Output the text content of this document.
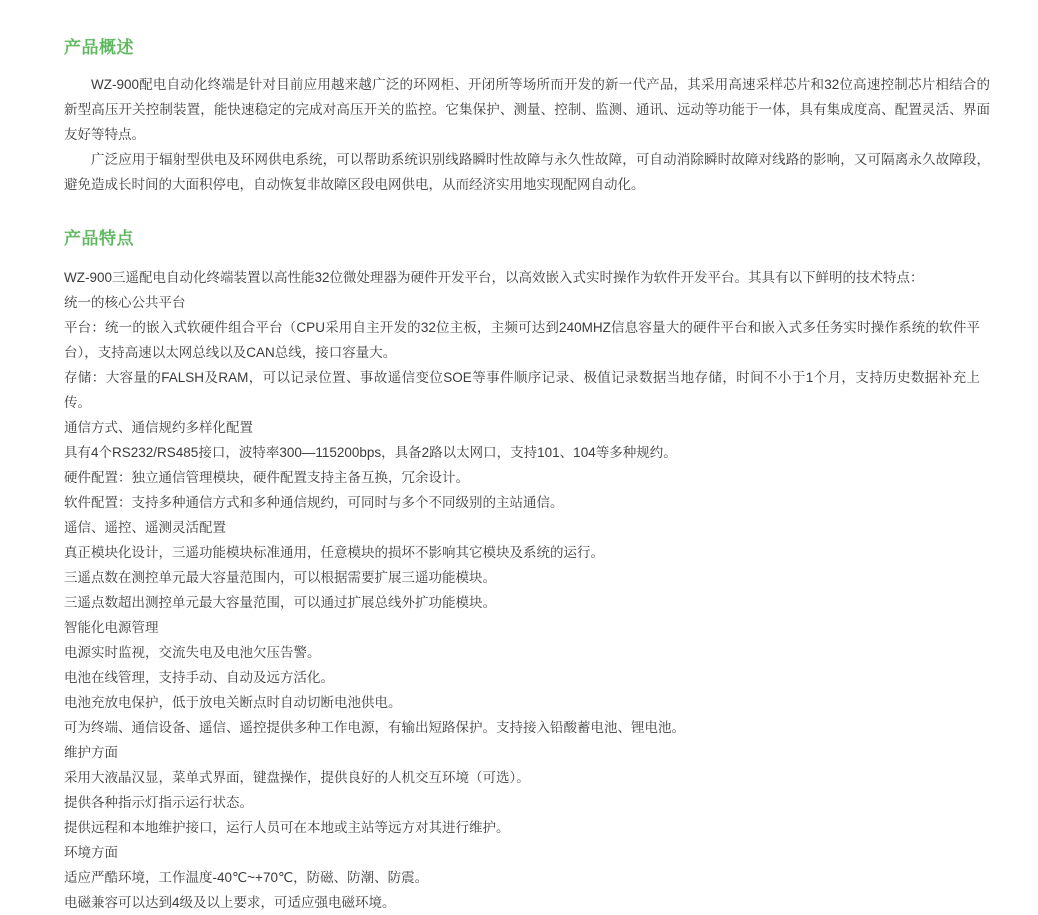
产品概述

WZ-900配电自动化终端是针对目前应用越来越广泛的环网柜、开闭所等场所而开发的新一代产品，其采用高速采样芯片和32位高速控制芯片相结合的新型高压开关控制装置，能快速稳定的完成对高压开关的监控。它集保护、测量、控制、监测、通讯、远动等功能于一体，具有集成度高、配置灵活、界面友好等特点。

广泛应用于辐射型供电及环网供电系统，可以帮助系统识别线路瞬时性故障与永久性故障，可自动消除瞬时故障对线路的影响，又可隔离永久故障段，避免造成长时间的大面积停电，自动恢复非故障区段电网供电，从而经济实用地实现配网自动化。

产品特点

WZ-900三遥配电自动化终端装置以高性能32位微处理器为硬件开发平台，以高效嵌入式实时操作为软件开发平台。其具有以下鲜明的技术特点：

统一的核心公共平台

平台：统一的嵌入式软硬件组合平台（CPU采用自主开发的32位主板，主频可达到240MHZ信息容量大的硬件平台和嵌入式多任务实时操作系统的软件平台），支持高速以太网总线以及CAN总线，接口容量大。

存储：大容量的FALSH及RAM，可以记录位置、事故遥信变位SOE等事件顺序记录、极值记录数据当地存储，时间不小于1个月，支持历史数据补充上传。

通信方式、通信规约多样化配置

具有4个RS232/RS485接口，波特率300—115200bps，具备2路以太网口，支持101、104等多种规约。

硬件配置：独立通信管理模块，硬件配置支持主备互换，冗余设计。

软件配置：支持多种通信方式和多种通信规约，可同时与多个不同级别的主站通信。

遥信、遥控、遥测灵活配置

真正模块化设计，三遥功能模块标准通用，任意模块的损坏不影响其它模块及系统的运行。

三遥点数在测控单元最大容量范围内，可以根据需要扩展三遥功能模块。

三遥点数超出测控单元最大容量范围，可以通过扩展总线外扩功能模块。

智能化电源管理

电源实时监视，交流失电及电池欠压告警。

电池在线管理，支持手动、自动及远方活化。

电池充放电保护，低于放电关断点时自动切断电池供电。

可为终端、通信设备、遥信、遥控提供多种工作电源，有输出短路保护。支持接入铅酸蓄电池、锂电池。

维护方面

采用大液晶汉显，菜单式界面，键盘操作，提供良好的人机交互环境（可选）。

提供各种指示灯指示运行状态。

提供远程和本地维护接口，运行人员可在本地或主站等远方对其进行维护。

环境方面

适应严酷环境，工作温度-40℃~+70℃，防磁、防潮、防震。

电磁兼容可以达到4级及以上要求，可适应强电磁环境。
